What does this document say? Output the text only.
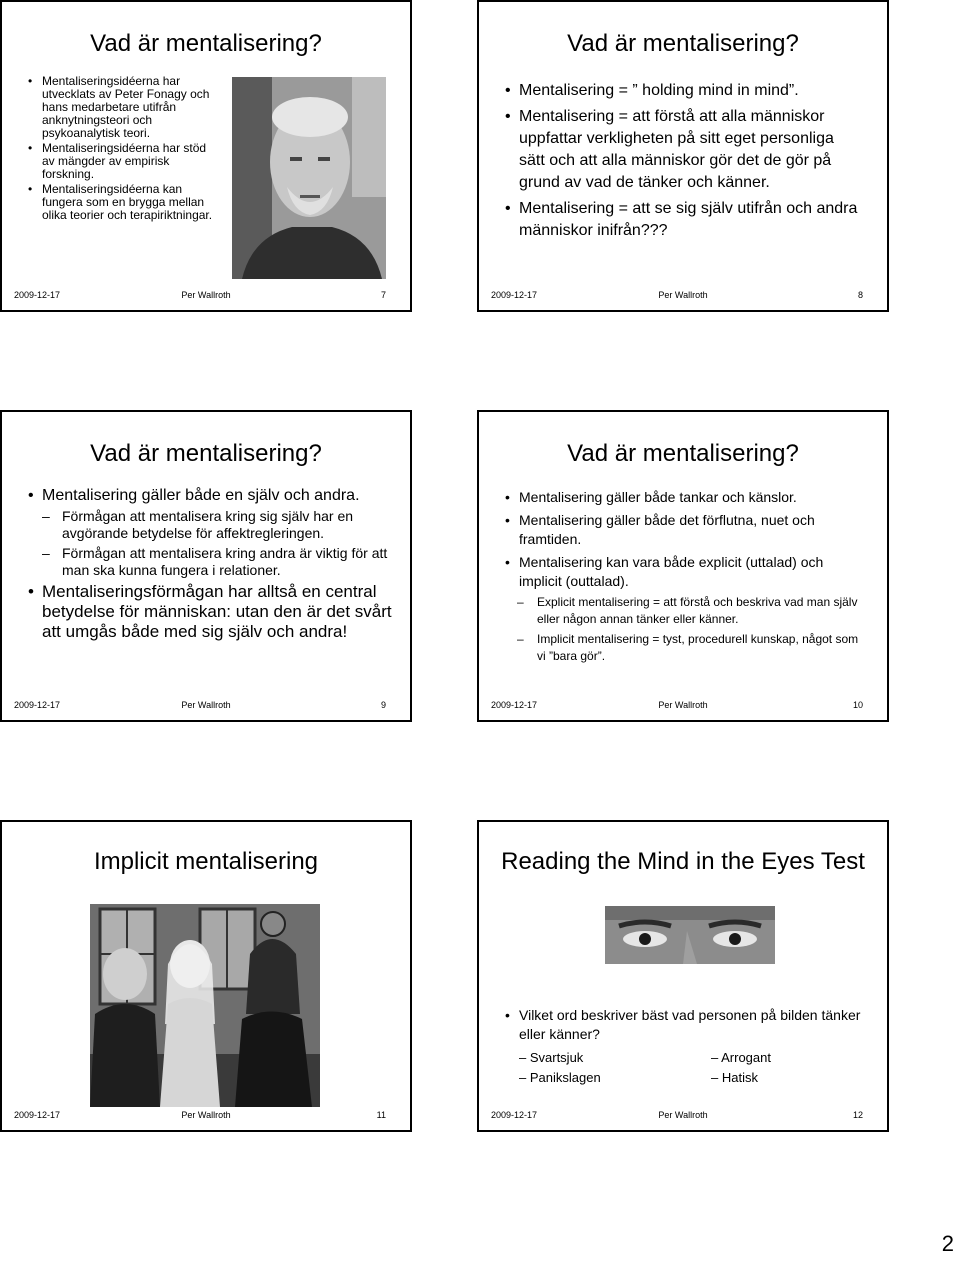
Vad är mentalisering?
• Mentaliseringsidéerna har utvecklats av Peter Fonagy och hans medarbetare utifrån anknytningsteori och psykoanalytisk teori.
• Mentaliseringsidéerna har stöd av mängder av empirisk forskning.
• Mentaliseringsidéerna kan fungera som en brygga mellan olika teorier och terapiriktningar.
2009-12-17	Per Wallroth	7
Vad är mentalisering?
• Mentalisering = ” holding mind in mind”.
• Mentalisering = att förstå att alla människor uppfattar verkligheten på sitt eget personliga sätt och att alla människor gör det de gör på grund av vad de tänker och känner.
• Mentalisering = att se sig själv utifrån och andra människor inifrån???
2009-12-17	Per Wallroth	8
Vad är mentalisering?
• Mentalisering gäller både en själv och andra.
– Förmågan att mentalisera kring sig själv har en avgörande betydelse för affektregleringen.
– Förmågan att mentalisera kring andra är viktig för att man ska kunna fungera i relationer.
• Mentaliseringsförmågan har alltså en central betydelse för människan: utan den är det svårt att umgås både med sig själv och andra!
2009-12-17	Per Wallroth	9
Vad är mentalisering?
• Mentalisering gäller både tankar och känslor.
• Mentalisering gäller både det förflutna, nuet och framtiden.
• Mentalisering kan vara både explicit (uttalad) och implicit (outtalad).
– Explicit mentalisering = att förstå och beskriva vad man själv eller någon annan tänker eller känner.
– Implicit mentalisering = tyst, procedurell kunskap, något som vi ”bara gör”.
2009-12-17	Per Wallroth	10
Implicit mentalisering
2009-12-17	Per Wallroth	11
Reading the Mind in the Eyes Test
• Vilket ord beskriver bäst vad personen på bilden tänker eller känner?
– Svartsjuk	– Arrogant
– Panikslagen	– Hatisk
2009-12-17	Per Wallroth	12
2
